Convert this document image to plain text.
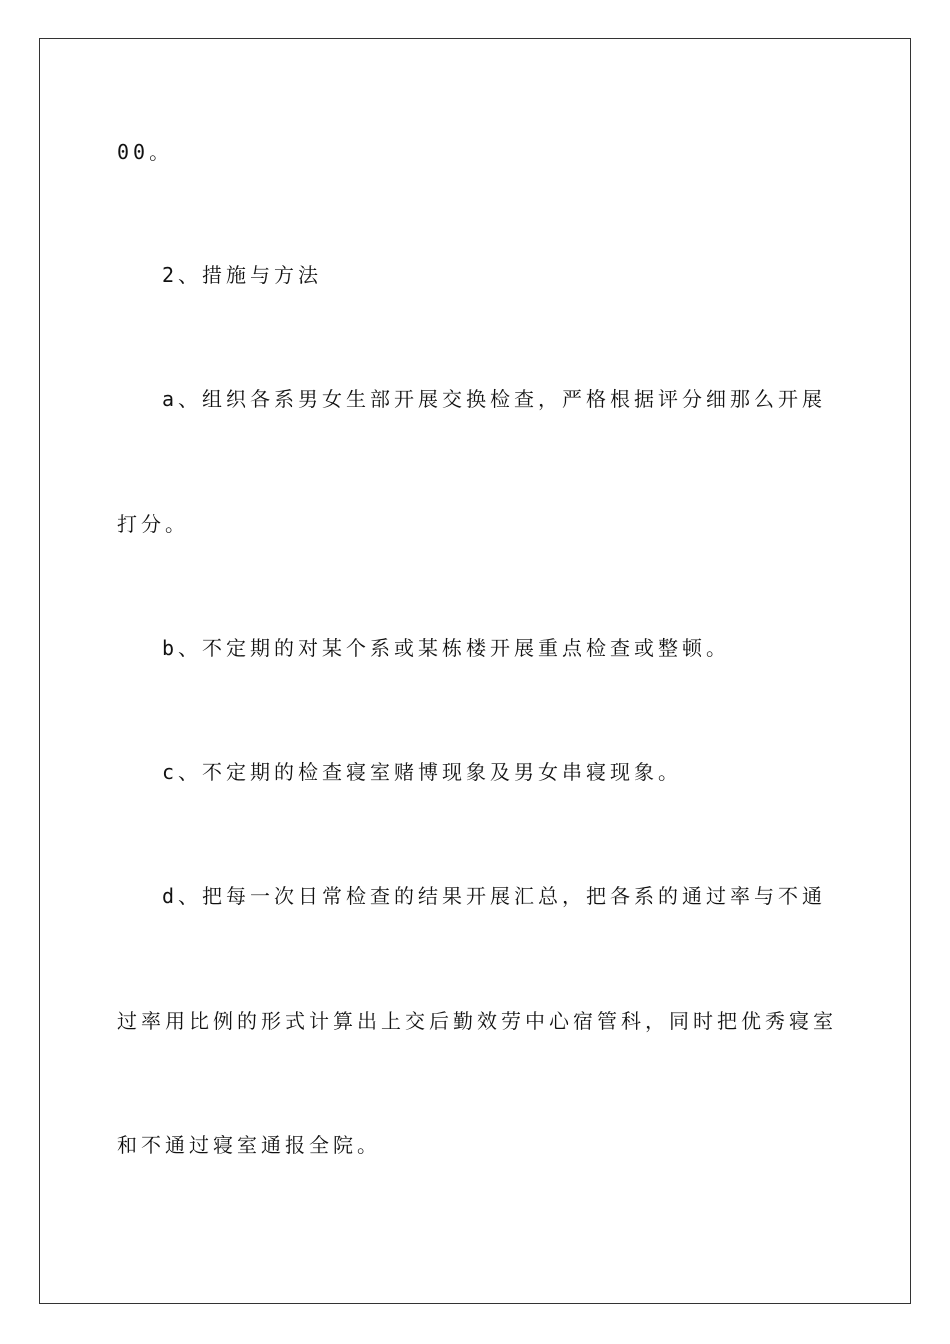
00。
2、措施与方法
a、组织各系男女生部开展交换检查，严格根据评分细那么开展
打分。
b、不定期的对某个系或某栋楼开展重点检查或整顿。
c、不定期的检查寝室赌博现象及男女串寝现象。
d、把每一次日常检查的结果开展汇总，把各系的通过率与不通
过率用比例的形式计算出上交后勤效劳中心宿管科，同时把优秀寝室
和不通过寝室通报全院。
